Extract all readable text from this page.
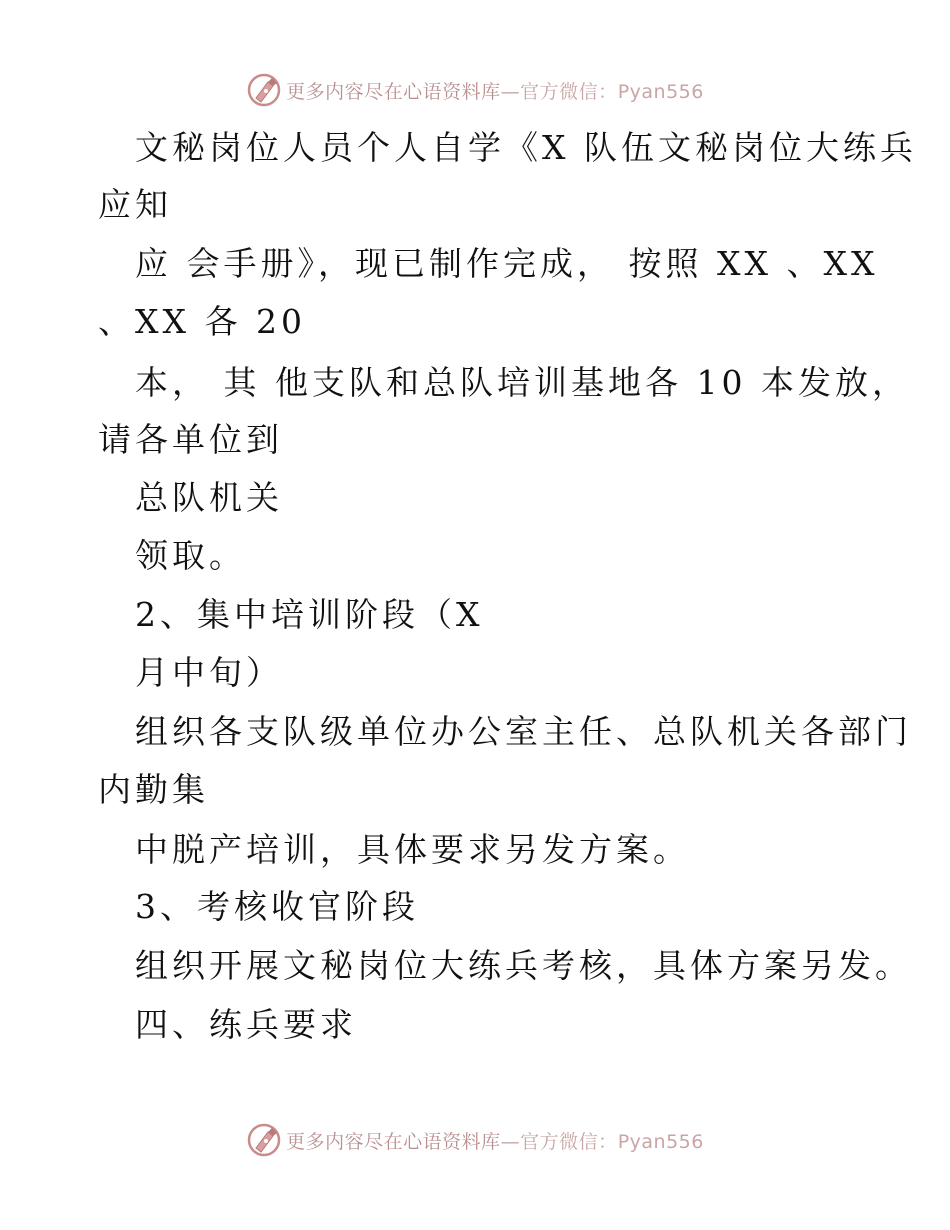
更多内容尽在心语资料库—官方微信：Pyan556
文秘岗位人员个人自学《X 队伍文秘岗位大练兵
应知
应 会手册》，现已制作完成， 按照 XX 、XX
、XX 各 20
本， 其 他支队和总队培训基地各 10 本发放，
请各单位到
总队机关
领取。
2、集中培训阶段（X
月中旬）
组织各支队级单位办公室主任、总队机关各部门
内勤集
中脱产培训，具体要求另发方案。
3、考核收官阶段
组织开展文秘岗位大练兵考核，具体方案另发。
四、练兵要求
更多内容尽在心语资料库—官方微信：Pyan556
